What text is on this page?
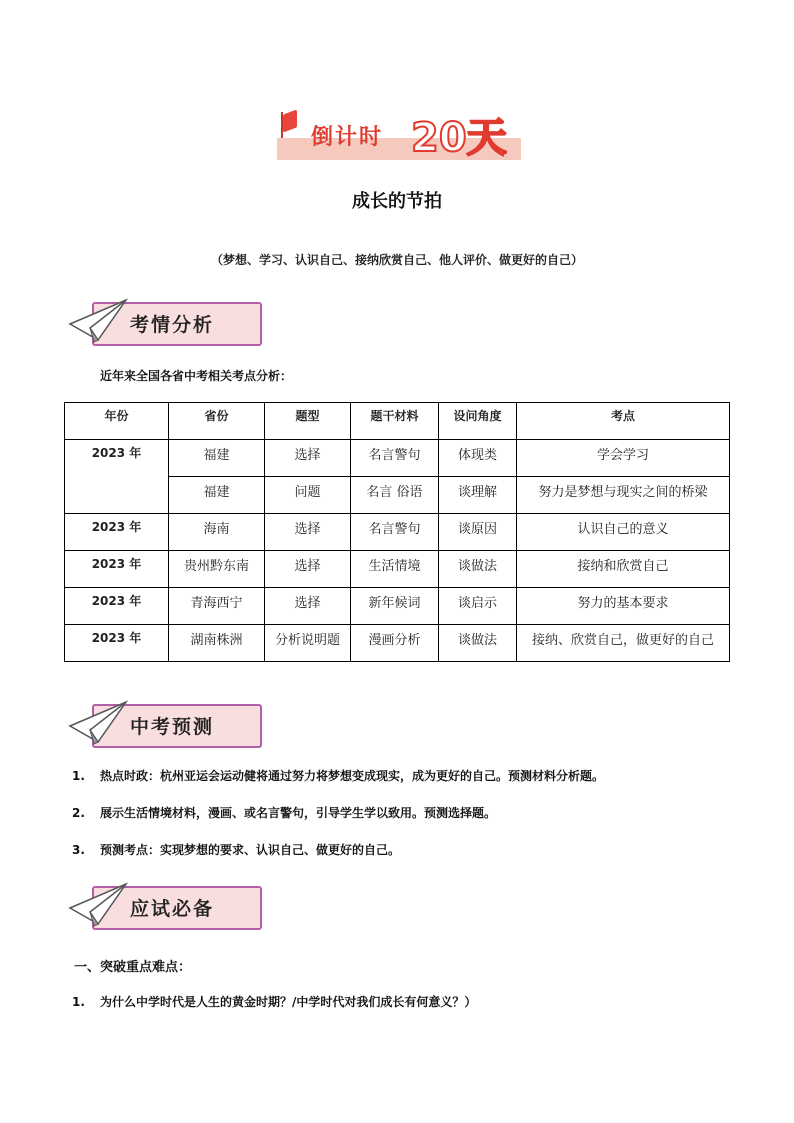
倒计时 20天
成长的节拍
（梦想、学习、认识自己、接纳欣赏自己、他人评价、做更好的自己）
考情分析
近年来全国各省中考相关考点分析：
年份	省份	题型	题干材料	设问角度	考点
2023 年	福建	选择	名言警句	体现类	学会学习
	福建	问题	名言 俗语	谈理解	努力是梦想与现实之间的桥梁
2023 年	海南	选择	名言警句	谈原因	认识自己的意义
2023 年	贵州黔东南	选择	生活情境	谈做法	接纳和欣赏自己
2023 年	青海西宁	选择	新年候词	谈启示	努力的基本要求
2023 年	湖南株洲	分析说明题	漫画分析	谈做法	接纳、欣赏自己，做更好的自己
中考预测
1. 热点时政：杭州亚运会运动健将通过努力将梦想变成现实，成为更好的自己。预测材料分析题。
2. 展示生活情境材料，漫画、或名言警句，引导学生学以致用。预测选择题。
3. 预测考点：实现梦想的要求、认识自己、做更好的自己。
应试必备
一、突破重点难点：
1. 为什么中学时代是人生的黄金时期？/中学时代对我们成长有何意义？）
